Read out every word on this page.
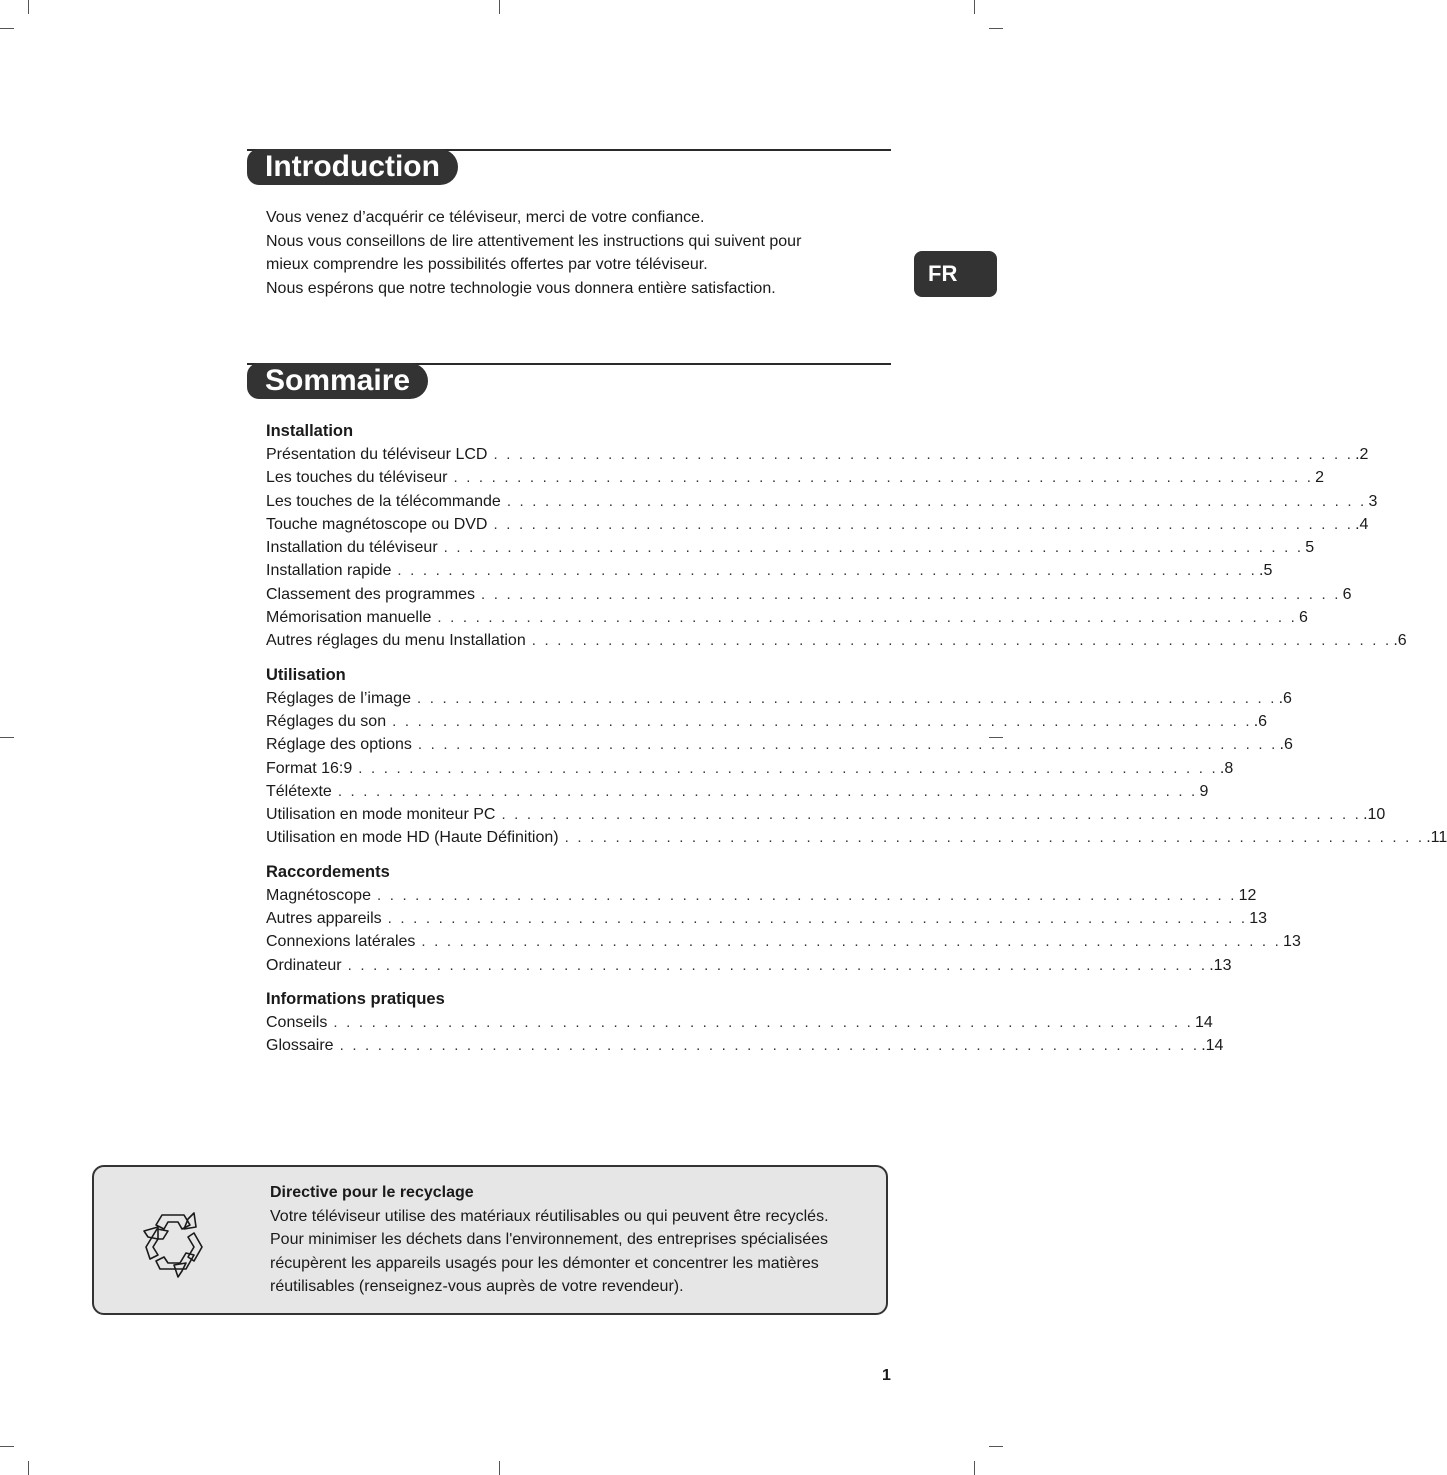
Introduction

Vous venez d’acquérir ce téléviseur, merci de votre confiance.

Nous vous conseillons de lire attentivement les instructions qui suivent pour

mieux comprendre les possibilités offertes par votre téléviseur.

Nous espérons que notre technologie vous donnera entière satisfaction.

FR
Sommaire
Installation
Présentation du téléviseur LCD . . . . . . . . . . . . . . . . . . . . . . . . . . . . . . . . . . . . . . . . . . . . . . . . . . . . . . . . . . . . . . . . . . . . .2
Les touches du téléviseur . . . . . . . . . . . . . . . . . . . . . . . . . . . . . . . . . . . . . . . . . . . . . . . . . . . . . . . . . . . . . . . . . . . . 2
Les touches de la télécommande . . . . . . . . . . . . . . . . . . . . . . . . . . . . . . . . . . . . . . . . . . . . . . . . . . . . . . . . . . . . . . . . . . . . 3
Touche magnétoscope ou DVD . . . . . . . . . . . . . . . . . . . . . . . . . . . . . . . . . . . . . . . . . . . . . . . . . . . . . . . . . . . . . . . . . . . . .4
Installation du téléviseur . . . . . . . . . . . . . . . . . . . . . . . . . . . . . . . . . . . . . . . . . . . . . . . . . . . . . . . . . . . . . . . . . . . . 5
Installation rapide . . . . . . . . . . . . . . . . . . . . . . . . . . . . . . . . . . . . . . . . . . . . . . . . . . . . . . . . . . . . . . . . . . . . .5
Classement des programmes . . . . . . . . . . . . . . . . . . . . . . . . . . . . . . . . . . . . . . . . . . . . . . . . . . . . . . . . . . . . . . . . . . . . 6
Mémorisation manuelle . . . . . . . . . . . . . . . . . . . . . . . . . . . . . . . . . . . . . . . . . . . . . . . . . . . . . . . . . . . . . . . . . . . . 6
Autres réglages du menu Installation . . . . . . . . . . . . . . . . . . . . . . . . . . . . . . . . . . . . . . . . . . . . . . . . . . . . . . . . . . . . . . . . . . . . .6
Utilisation
Réglages de l’image . . . . . . . . . . . . . . . . . . . . . . . . . . . . . . . . . . . . . . . . . . . . . . . . . . . . . . . . . . . . . . . . . . . . .6
Réglages du son . . . . . . . . . . . . . . . . . . . . . . . . . . . . . . . . . . . . . . . . . . . . . . . . . . . . . . . . . . . . . . . . . . . . .6
Réglage des options . . . . . . . . . . . . . . . . . . . . . . . . . . . . . . . . . . . . . . . . . . . . . . . . . . . . . . . . . . . . . . . . . . . . .6
Format 16:9 . . . . . . . . . . . . . . . . . . . . . . . . . . . . . . . . . . . . . . . . . . . . . . . . . . . . . . . . . . . . . . . . . . . . .8
Télétexte . . . . . . . . . . . . . . . . . . . . . . . . . . . . . . . . . . . . . . . . . . . . . . . . . . . . . . . . . . . . . . . . . . . . 9
Utilisation en mode moniteur PC . . . . . . . . . . . . . . . . . . . . . . . . . . . . . . . . . . . . . . . . . . . . . . . . . . . . . . . . . . . . . . . . . . . . .10
Utilisation en mode HD (Haute Définition) . . . . . . . . . . . . . . . . . . . . . . . . . . . . . . . . . . . . . . . . . . . . . . . . . . . . . . . . . . . . . . . . . . . . .11
Raccordements
Magnétoscope . . . . . . . . . . . . . . . . . . . . . . . . . . . . . . . . . . . . . . . . . . . . . . . . . . . . . . . . . . . . . . . . . . . . 12
Autres appareils . . . . . . . . . . . . . . . . . . . . . . . . . . . . . . . . . . . . . . . . . . . . . . . . . . . . . . . . . . . . . . . . . . . . 13
Connexions latérales . . . . . . . . . . . . . . . . . . . . . . . . . . . . . . . . . . . . . . . . . . . . . . . . . . . . . . . . . . . . . . . . . . . . 13
Ordinateur . . . . . . . . . . . . . . . . . . . . . . . . . . . . . . . . . . . . . . . . . . . . . . . . . . . . . . . . . . . . . . . . . . . . .13
Informations pratiques
Conseils . . . . . . . . . . . . . . . . . . . . . . . . . . . . . . . . . . . . . . . . . . . . . . . . . . . . . . . . . . . . . . . . . . . . 14
Glossaire . . . . . . . . . . . . . . . . . . . . . . . . . . . . . . . . . . . . . . . . . . . . . . . . . . . . . . . . . . . . . . . . . . . . .14

Directive pour le recyclage

Votre téléviseur utilise des matériaux réutilisables ou qui peuvent être recyclés.

Pour minimiser les déchets dans l'environnement, des entreprises spécialisées

récupèrent les appareils usagés pour les démonter et concentrer les matières

réutilisables (renseignez-vous auprès de votre revendeur).

1
